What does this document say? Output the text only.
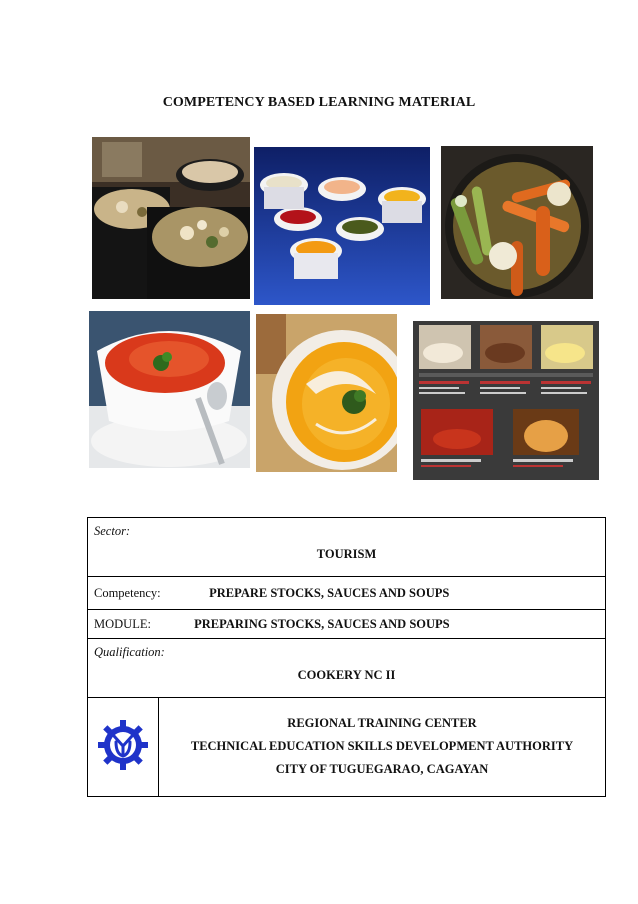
COMPETENCY BASED LEARNING MATERIAL
Sector:
TOURISM

Competency:	PREPARE STOCKS, SAUCES AND SOUPS
MODULE:	PREPARING STOCKS, SAUCES AND SOUPS
Qualification:
COOKERY NC II

REGIONAL TRAINING CENTER
TECHNICAL EDUCATION SKILLS DEVELOPMENT AUTHORITY
CITY OF TUGUEGARAO, CAGAYAN
